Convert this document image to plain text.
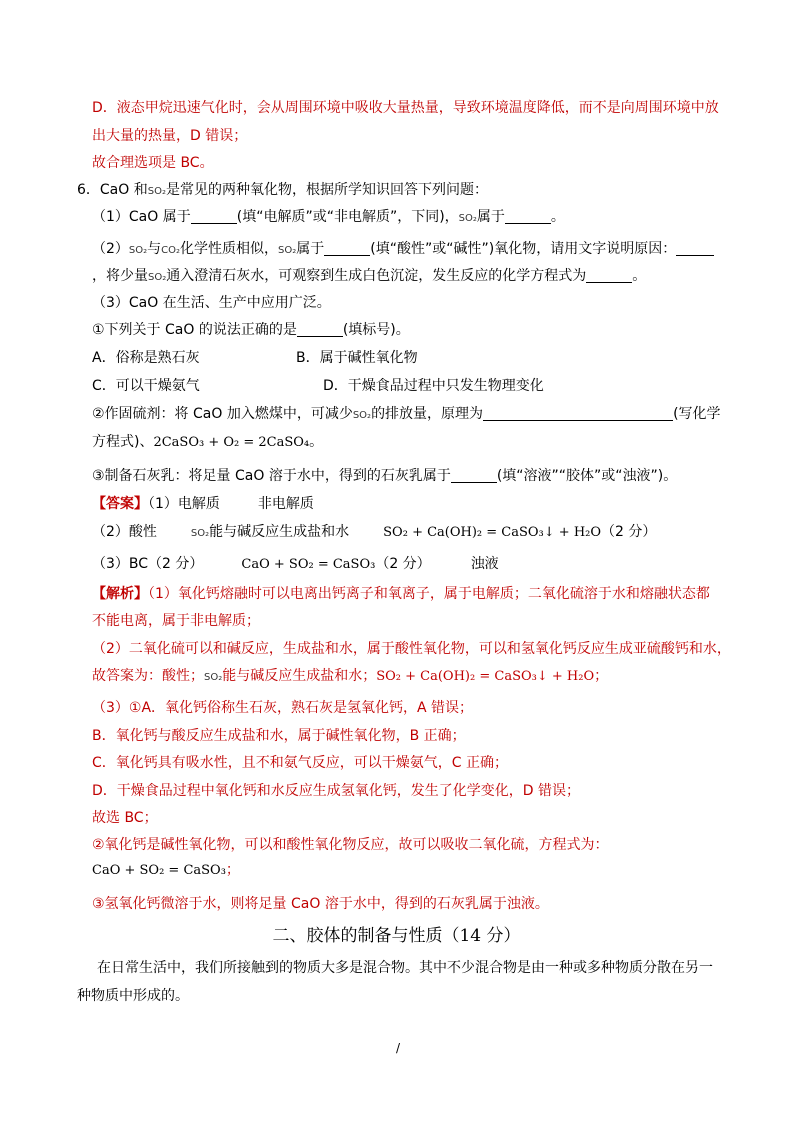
D．液态甲烷迅速气化时，会从周围环境中吸收大量热量，导致环境温度降低，而不是向周围环境中放
出大量的热量，D 错误；
故合理选项是 BC。
6．CaO 和SO₂是常见的两种氧化物，根据所学知识回答下列问题：
（1）CaO 属于	(填“电解质”或“非电解质”，下同)，SO₂属于	。
（2）SO₂与CO₂化学性质相似，SO₂属于	(填“酸性”或“碱性”)氧化物，请用文字说明原因：
，将少量SO₂通入澄清石灰水，可观察到生成白色沉淀，发生反应的化学方程式为	。
（3）CaO 在生活、生产中应用广泛。
①下列关于 CaO 的说法正确的是	(填标号)。
A．俗称是熟石灰	B．属于碱性氧化物
C．可以干燥氨气	D．干燥食品过程中只发生物理变化
②作固硫剂：将 CaO 加入燃煤中，可减少SO₂的排放量，原理为	(写化学
方程式)、2CaSO₃ + O₂ = 2CaSO₄。
③制备石灰乳：将足量 CaO 溶于水中，得到的石灰乳属于	(填“溶液”“胶体”或“浊液”)。
【答案】（1）电解质	非电解质
（2）酸性	SO₂能与碱反应生成盐和水	SO₂ + Ca(OH)₂ = CaSO₃↓ + H₂O（2 分）
（3）BC（2 分）	CaO + SO₂ = CaSO₃（2 分）	浊液
【解析】（1）氧化钙熔融时可以电离出钙离子和氧离子，属于电解质；二氧化硫溶于水和熔融状态都
不能电离，属于非电解质；
（2）二氧化硫可以和碱反应，生成盐和水，属于酸性氧化物，可以和氢氧化钙反应生成亚硫酸钙和水，
故答案为：酸性；SO₂能与碱反应生成盐和水；SO₂ + Ca(OH)₂ = CaSO₃↓ + H₂O；
（3）①A．氧化钙俗称生石灰，熟石灰是氢氧化钙，A 错误；
B．氧化钙与酸反应生成盐和水，属于碱性氧化物，B 正确；
C．氧化钙具有吸水性，且不和氨气反应，可以干燥氨气，C 正确；
D．干燥食品过程中氧化钙和水反应生成氢氧化钙，发生了化学变化，D 错误；
故选 BC；
②氧化钙是碱性氧化物，可以和酸性氧化物反应，故可以吸收二氧化硫，方程式为：
CaO + SO₂ = CaSO₃；
③氢氧化钙微溶于水，则将足量 CaO 溶于水中，得到的石灰乳属于浊液。
二、胶体的制备与性质（14 分）
在日常生活中，我们所接触到的物质大多是混合物。其中不少混合物是由一种或多种物质分散在另一
种物质中形成的。
/
